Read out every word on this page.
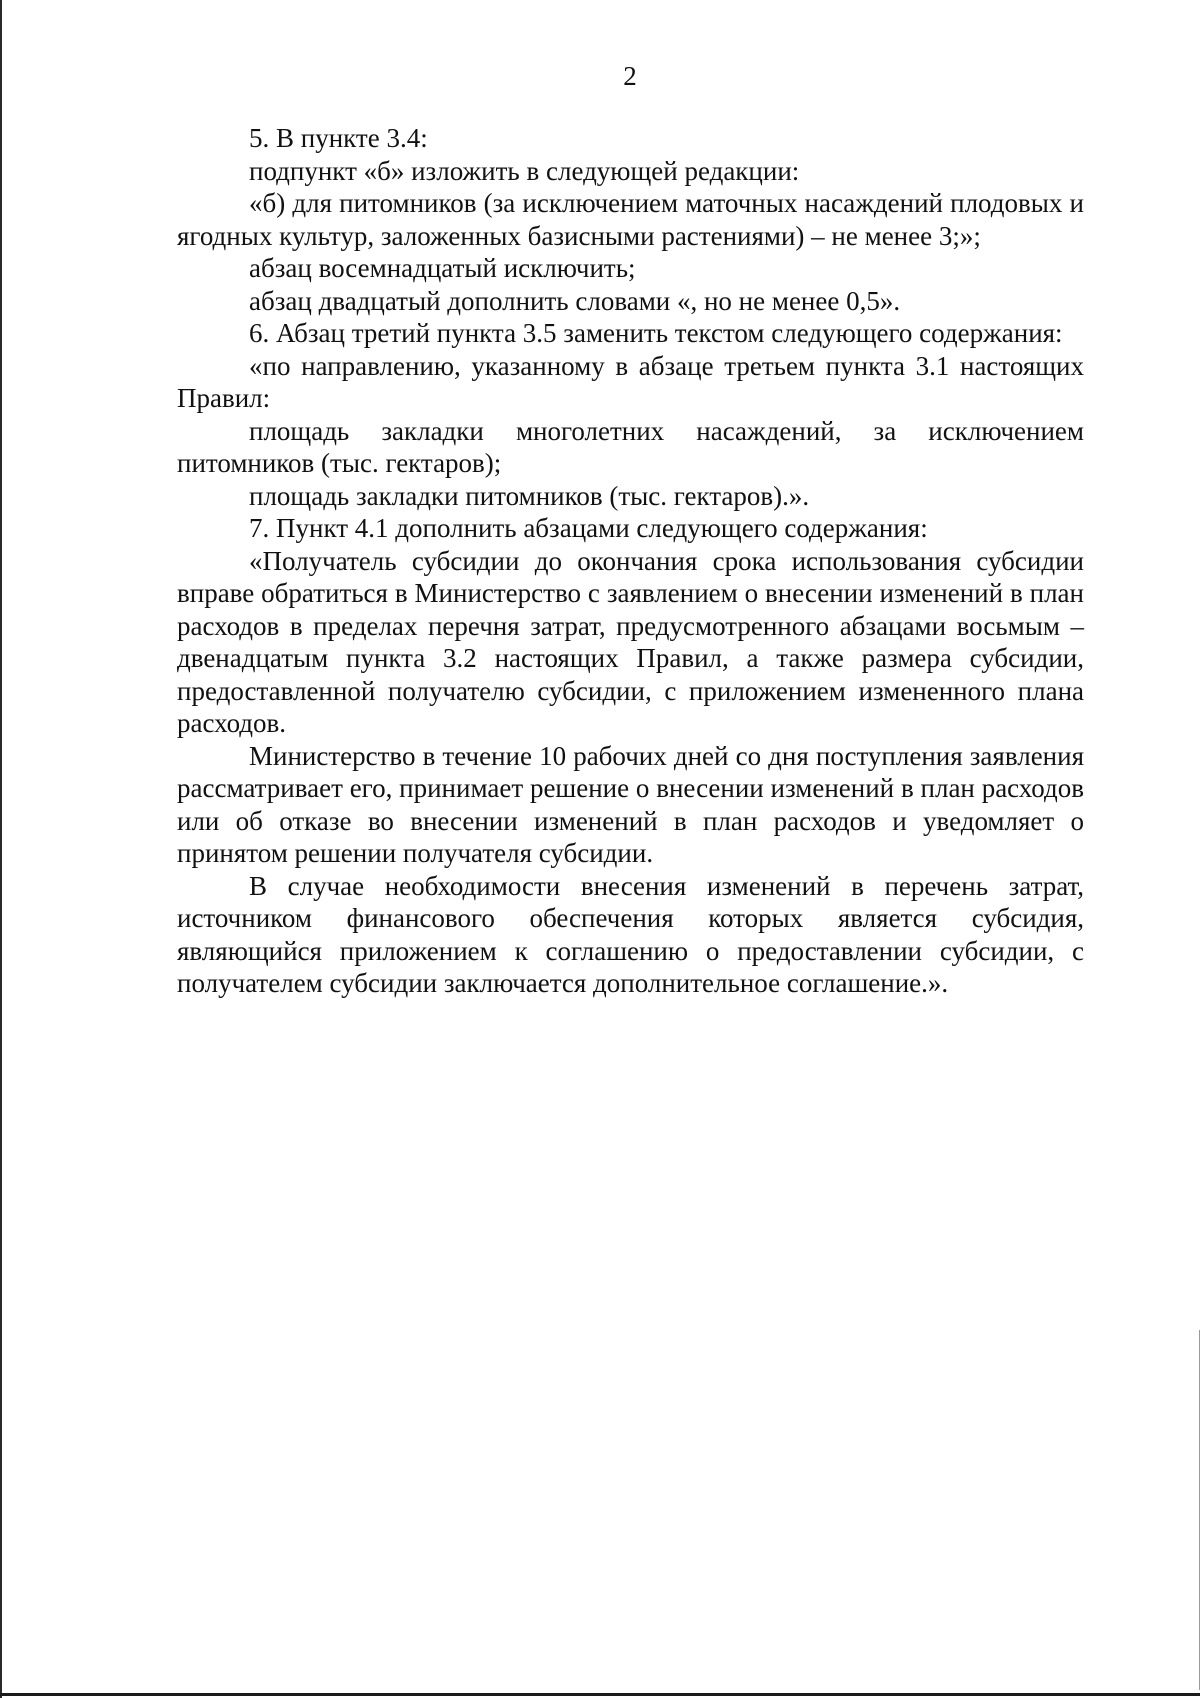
2

5. В пункте 3.4:

подпункт «б» изложить в следующей редакции:

«б) для питомников (за исключением маточных насаждений плодовых и ягодных культур, заложенных базисными растениями) – не менее 3;»;

абзац восемнадцатый исключить;

абзац двадцатый дополнить словами «, но не менее 0,5».

6. Абзац третий пункта 3.5 заменить текстом следующего содержания:

«по направлению, указанному в абзаце третьем пункта 3.1 настоящих Правил:

площадь закладки многолетних насаждений, за исключением питомников (тыс. гектаров);

площадь закладки питомников (тыс. гектаров).».

7. Пункт 4.1 дополнить абзацами следующего содержания:

«Получатель субсидии до окончания срока использования субсидии вправе обратиться в Министерство с заявлением о внесении изменений в план расходов в пределах перечня затрат, предусмотренного абзацами восьмым – двенадцатым пункта 3.2 настоящих Правил, а также размера субсидии, предоставленной получателю субсидии, с приложением измененного плана расходов.

Министерство в течение 10 рабочих дней со дня поступления заявления рассматривает его, принимает решение о внесении изменений в план расходов или об отказе во внесении изменений в план расходов и уведомляет о принятом решении получателя субсидии.

В случае необходимости внесения изменений в перечень затрат, источником финансового обеспечения которых является субсидия, являющийся приложением к соглашению о предоставлении субсидии, с получателем субсидии заключается дополнительное соглашение.».
